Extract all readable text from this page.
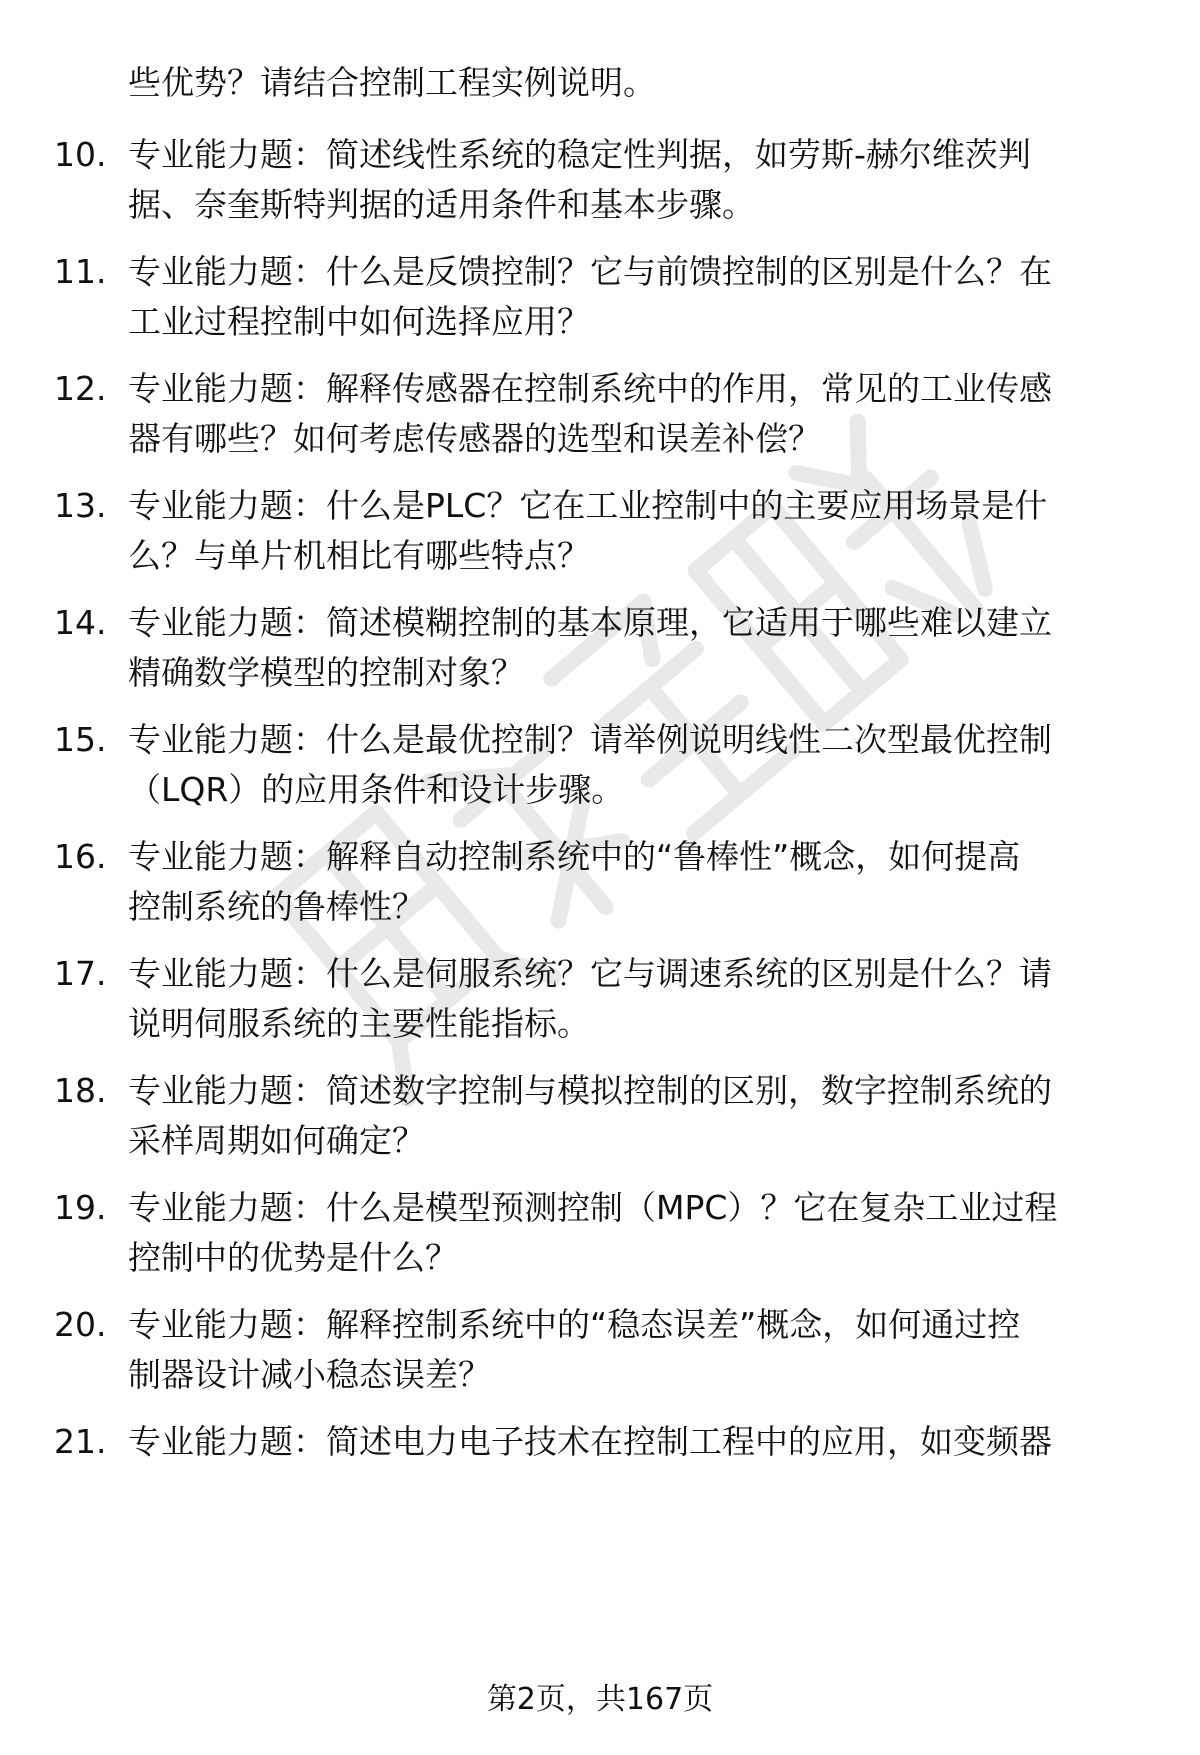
些优势？请结合控制工程实例说明。
10. 专业能力题：简述线性系统的稳定性判据，如劳斯-赫尔维茨判
据、奈奎斯特判据的适用条件和基本步骤。
11. 专业能力题：什么是反馈控制？它与前馈控制的区别是什么？在
工业过程控制中如何选择应用？
12. 专业能力题：解释传感器在控制系统中的作用，常见的工业传感
器有哪些？如何考虑传感器的选型和误差补偿？
13. 专业能力题：什么是PLC？它在工业控制中的主要应用场景是什
么？与单片机相比有哪些特点？
14. 专业能力题：简述模糊控制的基本原理，它适用于哪些难以建立
精确数学模型的控制对象？
15. 专业能力题：什么是最优控制？请举例说明线性二次型最优控制
（LQR）的应用条件和设计步骤。
16. 专业能力题：解释自动控制系统中的“鲁棒性”概念，如何提高
控制系统的鲁棒性？
17. 专业能力题：什么是伺服系统？它与调速系统的区别是什么？请
说明伺服系统的主要性能指标。
18. 专业能力题：简述数字控制与模拟控制的区别，数字控制系统的
采样周期如何确定？
19. 专业能力题：什么是模型预测控制（MPC）？它在复杂工业过程
控制中的优势是什么？
20. 专业能力题：解释控制系统中的“稳态误差”概念，如何通过控
制器设计减小稳态误差？
21. 专业能力题：简述电力电子技术在控制工程中的应用，如变频器
第2页，共167页
